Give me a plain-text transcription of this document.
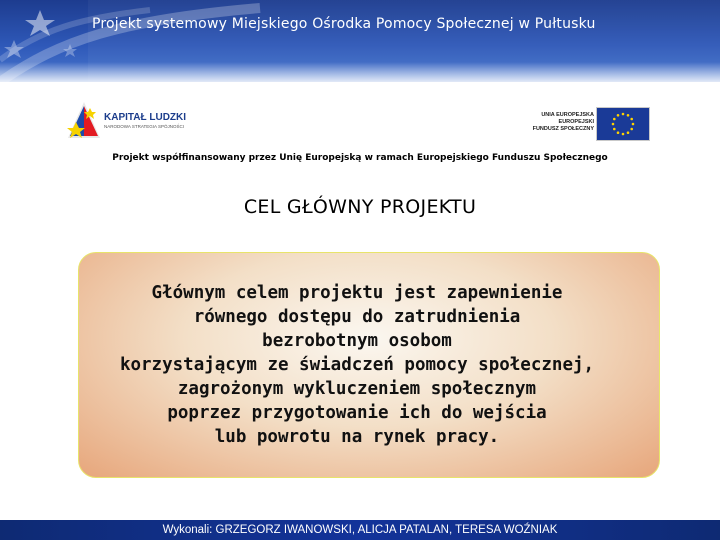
Projekt systemowy Miejskiego Ośrodka Pomocy Społecznej w Pułtusku
KAPITAŁ LUDZKI
NARODOWA STRATEGIA SPÓJNOŚCI
UNIA EUROPEJSKA
EUROPEJSKI
FUNDUSZ SPOŁECZNY
Projekt współfinansowany przez Unię Europejską w ramach Europejskiego Funduszu Społecznego
CEL GŁÓWNY PROJEKTU
Głównym celem projektu jest zapewnienie
równego dostępu do zatrudnienia
bezrobotnym osobom
korzystającym ze świadczeń pomocy społecznej,
zagrożonym wykluczeniem społecznym
poprzez przygotowanie ich do wejścia
lub powrotu na rynek pracy.
Wykonali: GRZEGORZ IWANOWSKI, ALICJA PATALAN, TERESA WOŹNIAK
